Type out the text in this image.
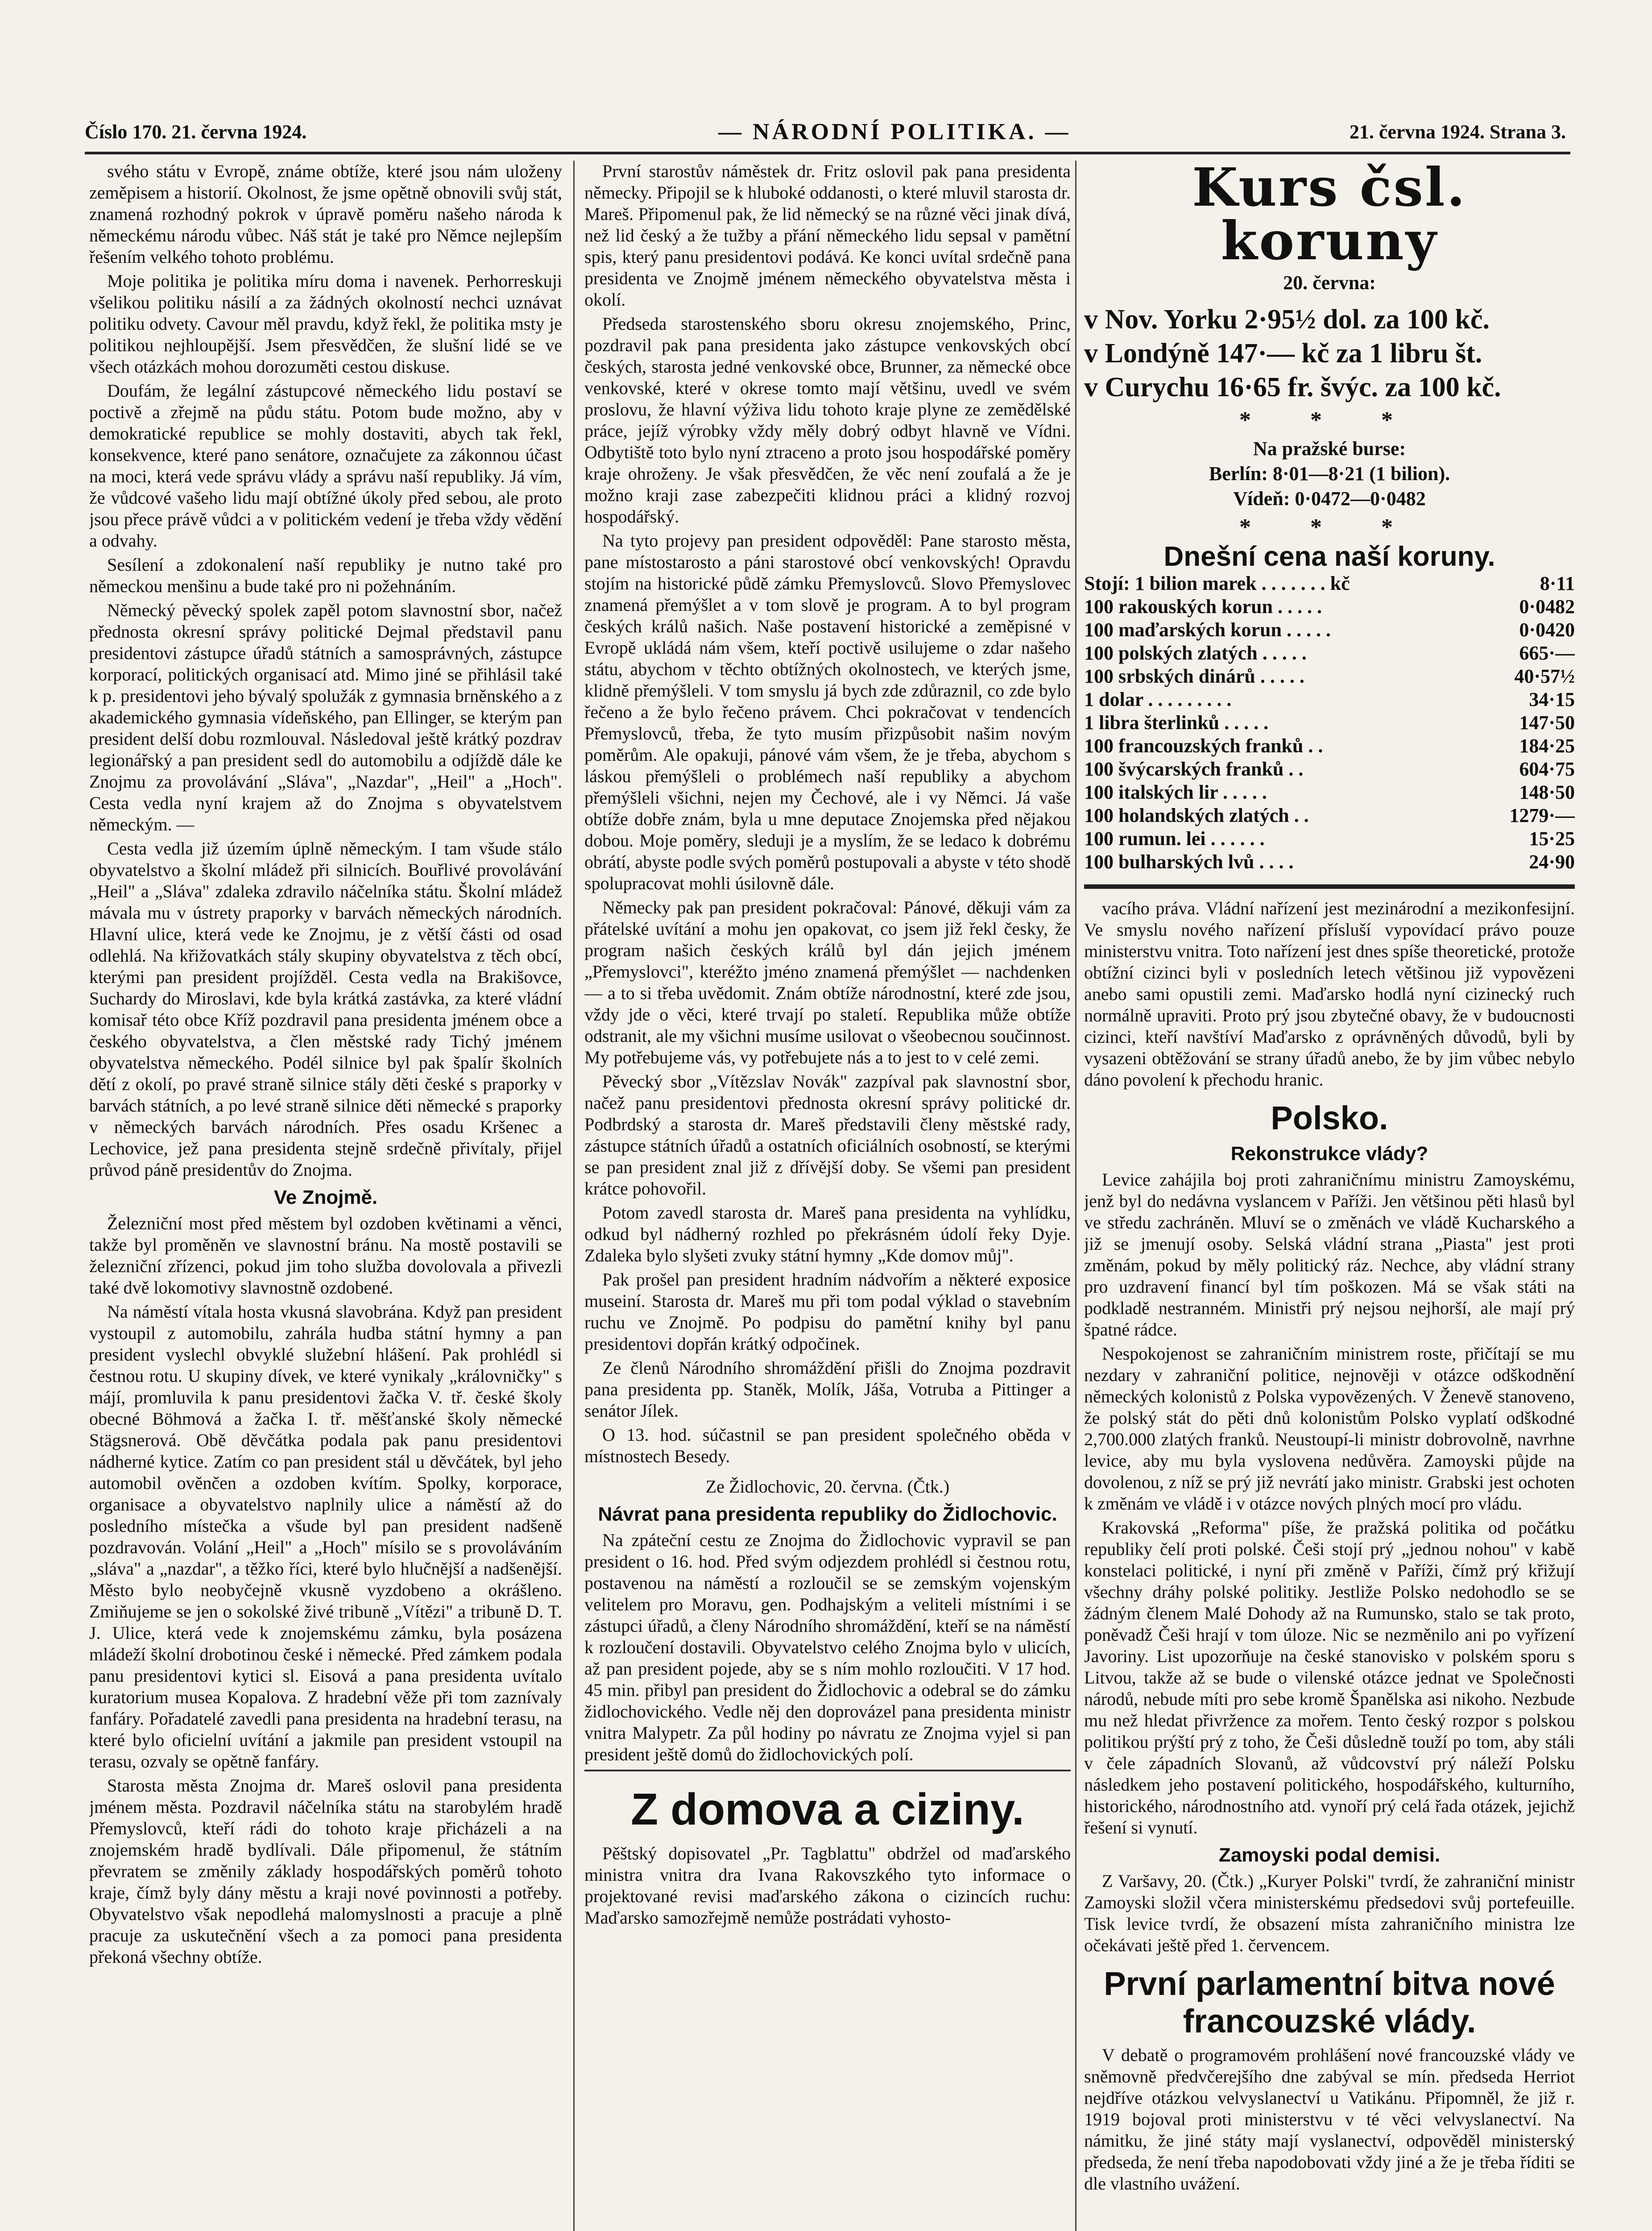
Číslo 170. 21. června 1924.	— NÁRODNÍ POLITIKA. —	21. června 1924. Strana 3.

svého státu v Evropě, známe obtíže, které jsou nám uloženy zeměpisem a historií. Okolnost, že jsme opětně obnovili svůj stát, znamená rozhodný pokrok v úpravě poměru našeho národa k německému národu vůbec. Náš stát je také pro Němce nejlepším řešením velkého tohoto problému.

Moje politika je politika míru doma i navenek. Perhorreskuji všelikou politiku násilí a za žádných okolností nechci uznávat politiku odvety. Cavour měl pravdu, když řekl, že politika msty je politikou nejhloupější. Jsem přesvědčen, že slušní lidé se ve všech otázkách mohou dorozuměti cestou diskuse.

Doufám, že legální zástupcové německého lidu postaví se poctivě a zřejmě na půdu státu. Potom bude možno, aby v demokratické republice se mohly dostaviti, abych tak řekl, konsekvence, které pano senátore, označujete za zákonnou účast na moci, která vede správu vlády a správu naší republiky. Já vím, že vůdcové vašeho lidu mají obtížné úkoly před sebou, ale proto jsou přece právě vůdci a v politickém vedení je třeba vždy vědění a odvahy.

Sesílení a zdokonalení naší republiky je nutno také pro německou menšinu a bude také pro ni požehnáním.

Německý pěvecký spolek zapěl potom slavnostní sbor, načež přednosta okresní správy politické Dejmal představil panu presidentovi zástupce úřadů státních a samosprávných, zástupce korporací, politických organisací atd. Mimo jiné se přihlásil také k p. presidentovi jeho bývalý spolužák z gymnasia brněnského a z akademického gymnasia vídeňského, pan Ellinger, se kterým pan president delší dobu rozmlouval. Následoval ještě krátký pozdrav legionářský a pan president sedl do automobilu a odjíždě dále ke Znojmu za provolávání „Sláva", „Nazdar", „Heil" a „Hoch". Cesta vedla nyní krajem až do Znojma s obyvatelstvem německým. —

Cesta vedla již územím úplně německým. I tam všude stálo obyvatelstvo a školní mládež při silnicích. Bouřlivé provolávání „Heil" a „Sláva" zdaleka zdravilo náčelníka státu. Školní mládež mávala mu v ústrety praporky v barvách německých národních. Hlavní ulice, která vede ke Znojmu, je z větší části od osad odlehlá. Na křižovatkách stály skupiny obyvatelstva z těch obcí, kterými pan president projížděl. Cesta vedla na Brakišovce, Suchardy do Miroslavi, kde byla krátká zastávka, za které vládní komisař této obce Kříž pozdravil pana presidenta jménem obce a českého obyvatelstva, a člen městské rady Tichý jménem obyvatelstva německého. Podél silnice byl pak špalír školních dětí z okolí, po pravé straně silnice stály děti české s praporky v barvách státních, a po levé straně silnice děti německé s praporky v německých barvách národních. Přes osadu Kršenec a Lechovice, jež pana presidenta stejně srdečně přivítaly, přijel průvod páně presidentův do Znojma.

Ve Znojmě.

Železniční most před městem byl ozdoben květinami a věnci, takže byl proměněn ve slavnostní bránu. Na mostě postavili se železniční zřízenci, pokud jim toho služba dovolovala a přivezli také dvě lokomotivy slavnostně ozdobené.

Na náměstí vítala hosta vkusná slavobrána. Když pan president vystoupil z automobilu, zahrála hudba státní hymny a pan president vyslechl obvyklé služební hlášení. Pak prohlédl si čestnou rotu. U skupiny dívek, ve které vynikaly „královničky" s májí, promluvila k panu presidentovi žačka V. tř. české školy obecné Böhmová a žačka I. tř. měšťanské školy německé Stägsnerová. Obě děvčátka podala pak panu presidentovi nádherné kytice. Zatím co pan president stál u děvčátek, byl jeho automobil ověnčen a ozdoben kvítím. Spolky, korporace, organisace a obyvatelstvo naplnily ulice a náměstí až do posledního místečka a všude byl pan president nadšeně pozdravován. Volání „Heil" a „Hoch" mísilo se s provoláváním „sláva" a „nazdar", a těžko říci, které bylo hlučnější a nadšenější. Město bylo neobyčejně vkusně vyzdobeno a okrášleno. Zmiňujeme se jen o sokolské živé tribuně „Vítězi" a tribuně D. T. J. Ulice, která vede k znojemskému zámku, byla posázena mládeží školní drobotinou české i německé. Před zámkem podala panu presidentovi kytici sl. Eisová a pana presidenta uvítalo kuratorium musea Kopalova. Z hradební věže při tom zaznívaly fanfáry. Pořadatelé zavedli pana presidenta na hradební terasu, na které bylo oficielní uvítání a jakmile pan president vstoupil na terasu, ozvaly se opětně fanfáry.

Starosta města Znojma dr. Mareš oslovil pana presidenta jménem města. Pozdravil náčelníka státu na starobylém hradě Přemyslovců, kteří rádi do tohoto kraje přicházeli a na znojemském hradě bydlívali. Dále připomenul, že státním převratem se změnily základy hospodářských poměrů tohoto kraje, čímž byly dány městu a kraji nové povinnosti a potřeby. Obyvatelstvo však nepodlehá malomyslnosti a pracuje a plně pracuje za uskutečnění všech a za pomoci pana presidenta překoná všechny obtíže.

První starostův náměstek dr. Fritz oslovil pak pana presidenta německy. Připojil se k hluboké oddanosti, o které mluvil starosta dr. Mareš. Připomenul pak, že lid německý se na různé věci jinak dívá, než lid český a že tužby a přání německého lidu sepsal v pamětní spis, který panu presidentovi podává. Ke konci uvítal srdečně pana presidenta ve Znojmě jménem německého obyvatelstva města i okolí.

Předseda starostenského sboru okresu znojemského, Princ, pozdravil pak pana presidenta jako zástupce venkovských obcí českých, starosta jedné venkovské obce, Brunner, za německé obce venkovské, které v okrese tomto mají většinu, uvedl ve svém proslovu, že hlavní výživa lidu tohoto kraje plyne ze zemědělské práce, jejíž výrobky vždy měly dobrý odbyt hlavně ve Vídni. Odbytiště toto bylo nyní ztraceno a proto jsou hospodářské poměry kraje ohroženy. Je však přesvědčen, že věc není zoufalá a že je možno kraji zase zabezpečiti klidnou práci a klidný rozvoj hospodářský.

Na tyto projevy pan president odpověděl: Pane starosto města, pane místostarosto a páni starostové obcí venkovských! Opravdu stojím na historické půdě zámku Přemyslovců. Slovo Přemyslovec znamená přemýšlet a v tom slově je program. A to byl program českých králů našich. Naše postavení historické a zeměpisné v Evropě ukládá nám všem, kteří poctivě usilujeme o zdar našeho státu, abychom v těchto obtížných okolnostech, ve kterých jsme, klidně přemýšleli. V tom smyslu já bych zde zdůraznil, co zde bylo řečeno a že bylo řečeno právem. Chci pokračovat v tendencích Přemyslovců, třeba, že tyto musím přizpůsobit našim novým poměrům. Ale opakuji, pánové vám všem, že je třeba, abychom s láskou přemýšleli o problémech naší republiky a abychom přemýšleli všichni, nejen my Čechové, ale i vy Němci. Já vaše obtíže dobře znám, byla u mne deputace Znojemska před nějakou dobou. Moje poměry, sleduji je a myslím, že se ledaco k dobrému obrátí, abyste podle svých poměrů postupovali a abyste v této shodě spolupracovat mohli úsilovně dále.

Německy pak pan president pokračoval: Pánové, děkuji vám za přátelské uvítání a mohu jen opakovat, co jsem již řekl česky, že program našich českých králů byl dán jejich jménem „Přemyslovci", kteréžto jméno znamená přemýšlet — nachdenken — a to si třeba uvědomit. Znám obtíže národnostní, které zde jsou, vždy jde o věci, které trvají po staletí. Republika může obtíže odstranit, ale my všichni musíme usilovat o všeobecnou součinnost. My potřebujeme vás, vy potřebujete nás a to jest to v celé zemi.

Pěvecký sbor „Vítězslav Novák" zazpíval pak slavnostní sbor, načež panu presidentovi přednosta okresní správy politické dr. Podbrdský a starosta dr. Mareš představili členy městské rady, zástupce státních úřadů a ostatních oficiálních osobností, se kterými se pan president znal již z dřívější doby. Se všemi pan president krátce pohovořil.

Potom zavedl starosta dr. Mareš pana presidenta na vyhlídku, odkud byl nádherný rozhled po překrásném údolí řeky Dyje. Zdaleka bylo slyšeti zvuky státní hymny „Kde domov můj".

Pak prošel pan president hradním nádvořím a některé exposice museiní. Starosta dr. Mareš mu při tom podal výklad o stavebním ruchu ve Znojmě. Po podpisu do pamětní knihy byl panu presidentovi dopřán krátký odpočinek.

Ze členů Národního shromáždění přišli do Znojma pozdravit pana presidenta pp. Staněk, Molík, Jáša, Votruba a Pittinger a senátor Jílek.

O 13. hod. súčastnil se pan president společného oběda v místnostech Besedy.

Ze Židlochovic, 20. června. (Čtk.)

Návrat pana presidenta republiky do Židlochovic.

Na zpáteční cestu ze Znojma do Židlochovic vypravil se pan president o 16. hod. Před svým odjezdem prohlédl si čestnou rotu, postavenou na náměstí a rozloučil se se zemským vojenským velitelem pro Moravu, gen. Podhajským a veliteli místními i se zástupci úřadů, a členy Národního shromáždění, kteří se na náměstí k rozloučení dostavili. Obyvatelstvo celého Znojma bylo v ulicích, až pan president pojede, aby se s ním mohlo rozloučiti. V 17 hod. 45 min. přibyl pan president do Židlochovic a odebral se do zámku židlochovického. Vedle něj den doprovázel pana presidenta ministr vnitra Malypetr. Za půl hodiny po návratu ze Znojma vyjel si pan president ještě domů do židlochovických polí.

Z domova a ciziny.

Pěštský dopisovatel „Pr. Tagblattu" obdržel od maďarského ministra vnitra dra Ivana Rakovszkého tyto informace o projektované revisi maďarského zákona o cizincích ruchu: Maďarsko samozřejmě nemůže postrádati vyhosto-

Kurs čsl. koruny
20. června:
v Nov. Yorku 2·95½ dol. za 100 kč.
v Londýně 147·— kč za 1 libru št.
v Curychu 16·65 fr. švýc. za 100 kč.
* * *
Na pražské burse:
Berlín: 8·01—8·21 (1 bilion).
Vídeň: 0·0472—0·0482
* * *
Dnešní cena naší koruny.
Stojí: 1 bilion marek . . . . . . . kč	8·11
100 rakouských korun . . . . .	0·0482
100 maďarských korun . . . . .	0·0420
100 polských zlatých . . . . .	665·—
100 srbských dinárů . . . . .	40·57½
1 dolar . . . . . . . . .	34·15
1 libra šterlinků . . . . .	147·50
100 francouzských franků . .	184·25
100 švýcarských franků . .	604·75
100 italských lir . . . . .	148·50
100 holandských zlatých . .	1279·—
100 rumun. lei . . . . . .	15·25
100 bulharských lvů . . . .	24·90

vacího práva. Vládní nařízení jest mezinárodní a mezikonfesijní. Ve smyslu nového nařízení přísluší vypovídací právo pouze ministerstvu vnitra. Toto nařízení jest dnes spíše theoretické, protože obtížní cizinci byli v posledních letech většinou již vypovězeni anebo sami opustili zemi. Maďarsko hodlá nyní cizinecký ruch normálně upraviti. Proto prý jsou zbytečné obavy, že v budoucnosti cizinci, kteří navštíví Maďarsko z oprávněných důvodů, byli by vysazeni obtěžování se strany úřadů anebo, že by jim vůbec nebylo dáno povolení k přechodu hranic.

Polsko.
Rekonstrukce vlády?

Levice zahájila boj proti zahraničnímu ministru Zamoyskému, jenž byl do nedávna vyslancem v Paříži. Jen většinou pěti hlasů byl ve středu zachráněn. Mluví se o změnách ve vládě Kucharského a již se jmenují osoby. Selská vládní strana „Piasta" jest proti změnám, pokud by měly politický ráz. Nechce, aby vládní strany pro uzdravení financí byl tím poškozen. Má se však státi na podkladě nestranném. Ministři prý nejsou nejhorší, ale mají prý špatné rádce.

Nespokojenost se zahraničním ministrem roste, přičítají se mu nezdary v zahraniční politice, nejnověji v otázce odškodnění německých kolonistů z Polska vypovězených. V Ženevě stanoveno, že polský stát do pěti dnů kolonistům Polsko vyplatí odškodné 2,700.000 zlatých franků. Neustoupí-li ministr dobrovolně, navrhne levice, aby mu byla vyslovena nedůvěra. Zamoyski půjde na dovolenou, z níž se prý již nevrátí jako ministr. Grabski jest ochoten k změnám ve vládě i v otázce nových plných mocí pro vládu.

Krakovská „Reforma" píše, že pražská politika od počátku republiky čelí proti polské. Češi stojí prý „jednou nohou" v kabě konstelaci politické, i nyní při změně v Paříži, čímž prý křižují všechny dráhy polské politiky. Jestliže Polsko nedohodlo se se žádným členem Malé Dohody až na Rumunsko, stalo se tak proto, poněvadž Češi hrají v tom úloze. Nic se nezměnilo ani po vyřízení Javoriny. List upozorňuje na české stanovisko v polském sporu s Litvou, takže až se bude o vilenské otázce jednat ve Společnosti národů, nebude míti pro sebe kromě Španělska asi nikoho. Nezbude mu než hledat přivržence za mořem. Tento český rozpor s polskou politikou prýští prý z toho, že Češi důsledně touží po tom, aby stáli v čele západních Slovanů, až vůdcovství prý náleží Polsku následkem jeho postavení politického, hospodářského, kulturního, historického, národnostního atd. vynoří prý celá řada otázek, jejichž řešení si vynutí.

Zamoyski podal demisi.

Z Varšavy, 20. (Čtk.) „Kuryer Polski" tvrdí, že zahraniční ministr Zamoyski složil včera ministerskému předsedovi svůj portefeuille. Tisk levice tvrdí, že obsazení místa zahraničního ministra lze očekávati ještě před 1. červencem.

První parlamentní bitva nové francouzské vlády.

V debatě o programovém prohlášení nové francouzské vlády ve sněmovně předvčerejšího dne zabýval se mín. předseda Herriot nejdříve otázkou velvyslanectví u Vatikánu. Připomněl, že již r. 1919 bojoval proti ministerstvu v té věci velvyslanectví. Na námitku, že jiné státy mají vyslanectví, odpověděl ministerský předseda, že není třeba napodobovati vždy jiné a že je třeba říditi se dle vlastního uvážení.
